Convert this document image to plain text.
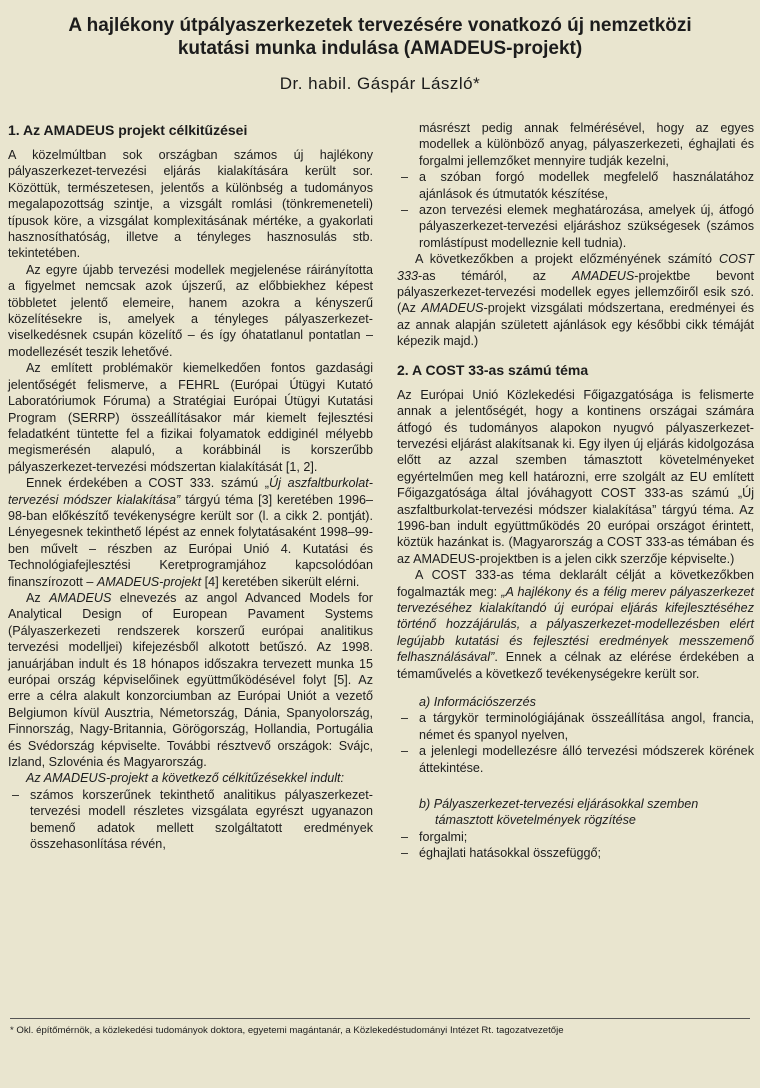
A hajlékony útpályaszerkezetek tervezésére vonatkozó új nemzetközi
kutatási munka indulása (AMADEUS-projekt)
Dr. habil. Gáspár László*
1. Az AMADEUS projekt célkitűzései

A közelmúltban sok országban számos új hajlékony pályaszerkezet-tervezési eljárás kialakítására került sor. Közöttük, természetesen, jelentős a különbség a tudományos megalapozottság szintje, a vizsgált romlási (tönkremeneteli) típusok köre, a vizsgálat komplexitásának mértéke, a gyakorlati hasznosíthatóság, illetve a tényleges hasznosulás stb. tekintetében.

Az egyre újabb tervezési modellek megjelenése ráirányította a figyelmet nemcsak azok újszerű, az előbbiekhez képest többletet jelentő elemeire, hanem azokra a kényszerű közelítésekre is, amelyek a tényleges pályaszerkezet-viselkedésnek csupán közelítő – és így óhatatlanul pontatlan – modellezését teszik lehetővé.

Az említett problémakör kiemelkedően fontos gazdasági jelentőségét felismerve, a FEHRL (Európai Útügyi Kutató Laboratóriumok Fóruma) a Stratégiai Európai Útügyi Kutatási Program (SERRP) összeállításakor már kiemelt fejlesztési feladatként tüntette fel a fizikai folyamatok eddiginél mélyebb megismerésén alapuló, a korábbinál is korszerűbb pályaszerkezet-tervezési módszertan kialakítását [1, 2].

Ennek érdekében a COST 333. számú „Új aszfaltburkolat-tervezési módszer kialakítása” tárgyú téma [3] keretében 1996–98-ban előkészítő tevékenységre került sor (l. a cikk 2. pontját). Lényegesnek tekinthető lépést az ennek folytatásaként 1998–99-ben művelt – részben az Európai Unió 4. Kutatási és Technológiafejlesztési Keretprogramjához kapcsolódóan finanszírozott – AMADEUS-projekt [4] keretében sikerült elérni.

Az AMADEUS elnevezés az angol Advanced Models for Analytical Design of European Pavament Systems (Pályaszerkezeti rendszerek korszerű európai analitikus tervezési modelljei) kifejezésből alkotott betűszó. Az 1998. januárjában indult és 18 hónapos időszakra tervezett munka 15 európai ország képviselőinek együttműködésével folyt [5]. Az erre a célra alakult konzorciumban az Európai Uniót a vezető Belgiumon kívül Ausztria, Németország, Dánia, Spanyolország, Finnország, Nagy-Britannia, Görögország, Hollandia, Portugália és Svédország képviselte. További résztvevő országok: Svájc, Izland, Szlovénia és Magyarország.

Az AMADEUS-projekt a következő célkitűzésekkel indult:

– számos korszerűnek tekinthető analitikus pályaszerkezet-tervezési modell részletes vizsgálata egyrészt ugyanazon bemenő adatok mellett szolgáltatott eredmények összehasonlítása révén,
másrészt pedig annak felmérésével, hogy az egyes modellek a különböző anyag, pályaszerkezeti, éghajlati és forgalmi jellemzőket mennyire tudják kezelni,
– a szóban forgó modellek megfelelő használatához ajánlások és útmutatók készítése,
– azon tervezési elemek meghatározása, amelyek új, átfogó pályaszerkezet-tervezési eljáráshoz szükségesek (számos romlástípust modelleznie kell tudnia).

A következőkben a projekt előzményének számító COST 333-as témáról, az AMADEUS-projektbe bevont pályaszerkezet-tervezési modellek egyes jellemzőiről esik szó. (Az AMADEUS-projekt vizsgálati módszertana, eredményei és az annak alapján született ajánlások egy későbbi cikk témáját képezik majd.)

2. A COST 33-as számú téma

Az Európai Unió Közlekedési Főigazgatósága is felismerte annak a jelentőségét, hogy a kontinens országai számára átfogó és tudományos alapokon nyugvó pályaszerkezet-tervezési eljárást alakítsanak ki. Egy ilyen új eljárás kidolgozása előtt az azzal szemben támasztott követelményeket egyértelműen meg kell határozni, erre szolgált az EU említett Főigazgatósága által jóváhagyott COST 333-as számú „Új aszfaltburkolat-tervezési módszer kialakítása” tárgyú téma. Az 1996-ban indult együttműködés 20 európai országot érintett, köztük hazánkat is. (Magyarország a COST 333-as témában és az AMADEUS-projektben is a jelen cikk szerzője képviselte.)

A COST 333-as téma deklarált célját a következőkben fogalmazták meg: „A hajlékony és a félig merev pályaszerkezet tervezéséhez kialakítandó új európai eljárás kifejlesztéséhez történő hozzájárulás, a pályaszerkezet-modellezésben elért legújabb kutatási és fejlesztési eredmények messzemenő felhasználásával”. Ennek a célnak az elérése érdekében a témaművelés a következő tevékenységekre került sor.

a) Információszerzés
– a tárgykör terminológiájának összeállítása angol, francia, német és spanyol nyelven,
– a jelenlegi modellezésre álló tervezési módszerek körének áttekintése.
b) Pályaszerkezet-tervezési eljárásokkal szemben támasztott követelmények rögzítése
– forgalmi;
– éghajlati hatásokkal összefüggő;
* Okl. építőmérnök, a közlekedési tudományok doktora, egyetemi magántanár, a Közlekedéstudományi Intézet Rt. tagozatvezetője
